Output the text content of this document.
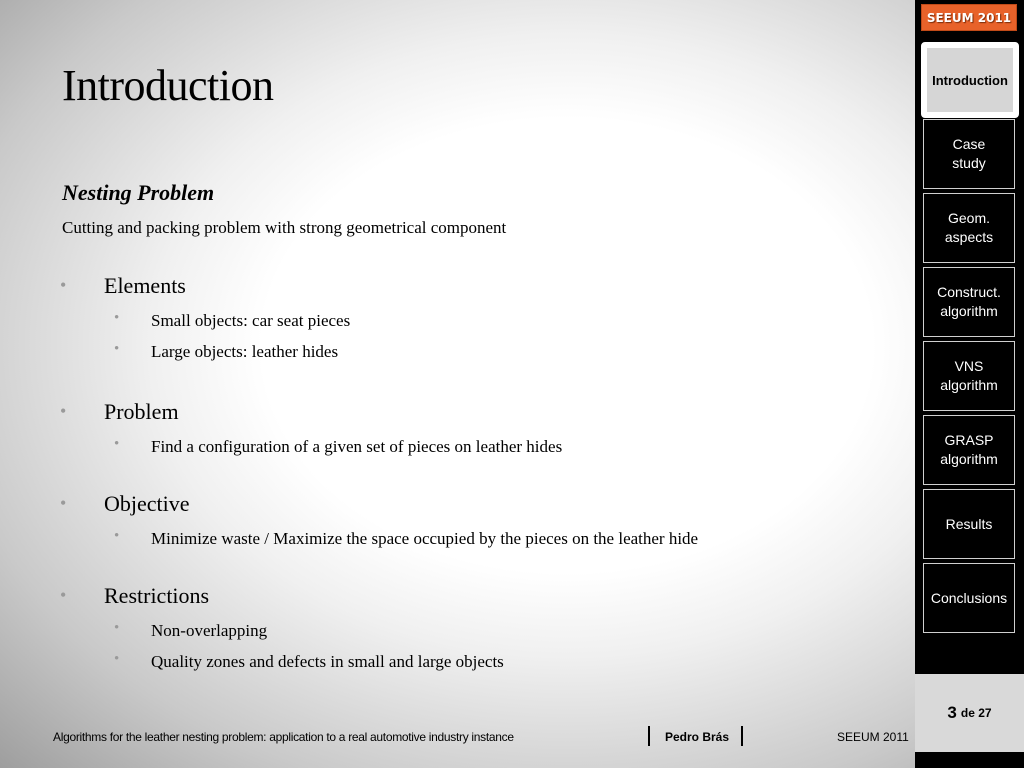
Introduction
Nesting Problem
Cutting and packing problem with strong geometrical component
• Elements
• Small objects: car seat pieces
• Large objects: leather hides
• Problem
• Find a configuration of a given set of pieces on leather hides
• Objective
• Minimize waste / Maximize the space occupied by the pieces on the leather hide
• Restrictions
• Non-overlapping
• Quality zones and defects in small and large objects
Algorithms for the leather nesting problem: application to a real automotive industry instance	Pedro Brás	SEEUM 2011
SEEUM 2011
Introduction
Case
study
Geom.
aspects
Construct.
algorithm
VNS
algorithm
GRASP
algorithm
Results
Conclusions
3 de 27
